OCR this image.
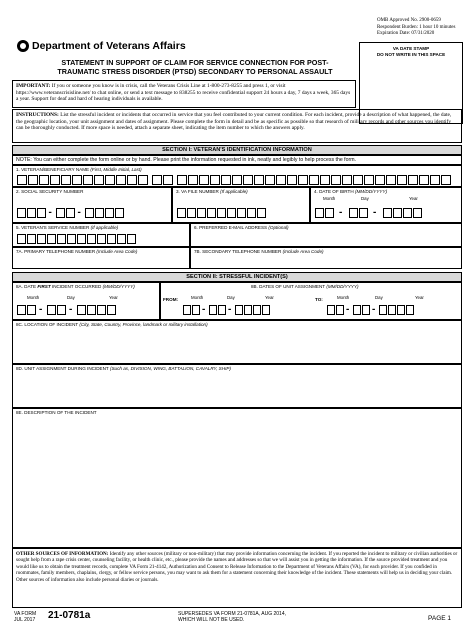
OMB Approved No. 2900-0659
Respondent Burden: 1 hour 10 minutes
Expiration Date: 07/31/2020
VA DATE STAMP
DO NOT WRITE IN THIS SPACE
Department of Veterans Affairs
STATEMENT IN SUPPORT OF CLAIM FOR SERVICE CONNECTION FOR POST-
TRAUMATIC STRESS DISORDER (PTSD) SECONDARY TO PERSONAL ASSAULT
IMPORTANT: If you or someone you know is in crisis, call the Veterans Crisis Line at 1-800-273-8255 and press 1, or visit https://www.veteranscrisisline.net/ to chat online, or send a text message to 838255 to receive confidential support 24 hours a day, 7 days a week, 365 days a year. Support for deaf and hard of hearing individuals is available.
INSTRUCTIONS: List the stressful incident or incidents that occurred in service that you feel contributed to your current condition. For each incident, provide a description of what happened, the date, the geographic location, your unit assignment and dates of assignment. Please complete the form in detail and be as specific as possible so that research of military records and other sources you identify can be thoroughly conducted. If more space is needed, attach a separate sheet, indicating the item number to which the answers apply.
SECTION I: VETERAN'S IDENTIFICATION INFORMATION
NOTE: You can either complete the form online or by hand. Please print the information requested in ink, neatly and legibly to help process the form.
1. VETERAN/BENEFICIARY NAME (First, Middle Initial, Last)
2. SOCIAL SECURITY NUMBER
-	-
3. VA FILE NUMBER (If applicable)	4. DATE OF BIRTH (MM/DD/YYYY)
Month	Day	Year
-	-
5. VETERAN'S SERVICE NUMBER (If applicable)	6. PREFERRED E-MAIL ADDRESS (Optional)
7A. PRIMARY TELEPHONE NUMBER (Include Area Code)	7B. SECONDARY TELEPHONE NUMBER (Include Area Code)
SECTION II: STRESSFUL INCIDENT(S)
8A. DATE FIRST INCIDENT OCCURRED (MM/DD/YYYY)
Month	Day	Year
-	-
8B. DATES OF UNIT ASSIGNMENT (MM/DD/YYYY)
FROM:	Month	Day	Year
- -
TO:	Month	Day	Year
- -
8C. LOCATION OF INCIDENT (City, State, Country, Province, landmark or military installation)
8D. UNIT ASSIGNMENT DURING INCIDENT (Such as, DIVISION, WING, BATTALION, CAVALRY, SHIP)
8E. DESCRIPTION OF THE INCIDENT
OTHER SOURCES OF INFORMATION: Identify any other sources (military or non-military) that may provide information concerning the incident. If you reported the incident to military or civilian authorities or sought help from a rape crisis center, counseling facility, or health clinic, etc., please provide the names and addresses so that we will assist you in getting the information. If the source provided treatment and you would like us to obtain the treatment records, complete VA Form 21-4142, Authorization and Consent to Release Information to the Department of Veterans Affairs (VA), for each provider. If you confided in roommates, family members, chaplains, clergy, or fellow service persons, you may want to ask them for a statement concerning their knowledge of the incident. These statements will help us in deciding your claim. Other sources of information also include personal diaries or journals.
VA FORM
JUL 2017 21-0781a	SUPERSEDES VA FORM 21-0781A, AUG 2014,
WHICH WILL NOT BE USED.	PAGE 1
